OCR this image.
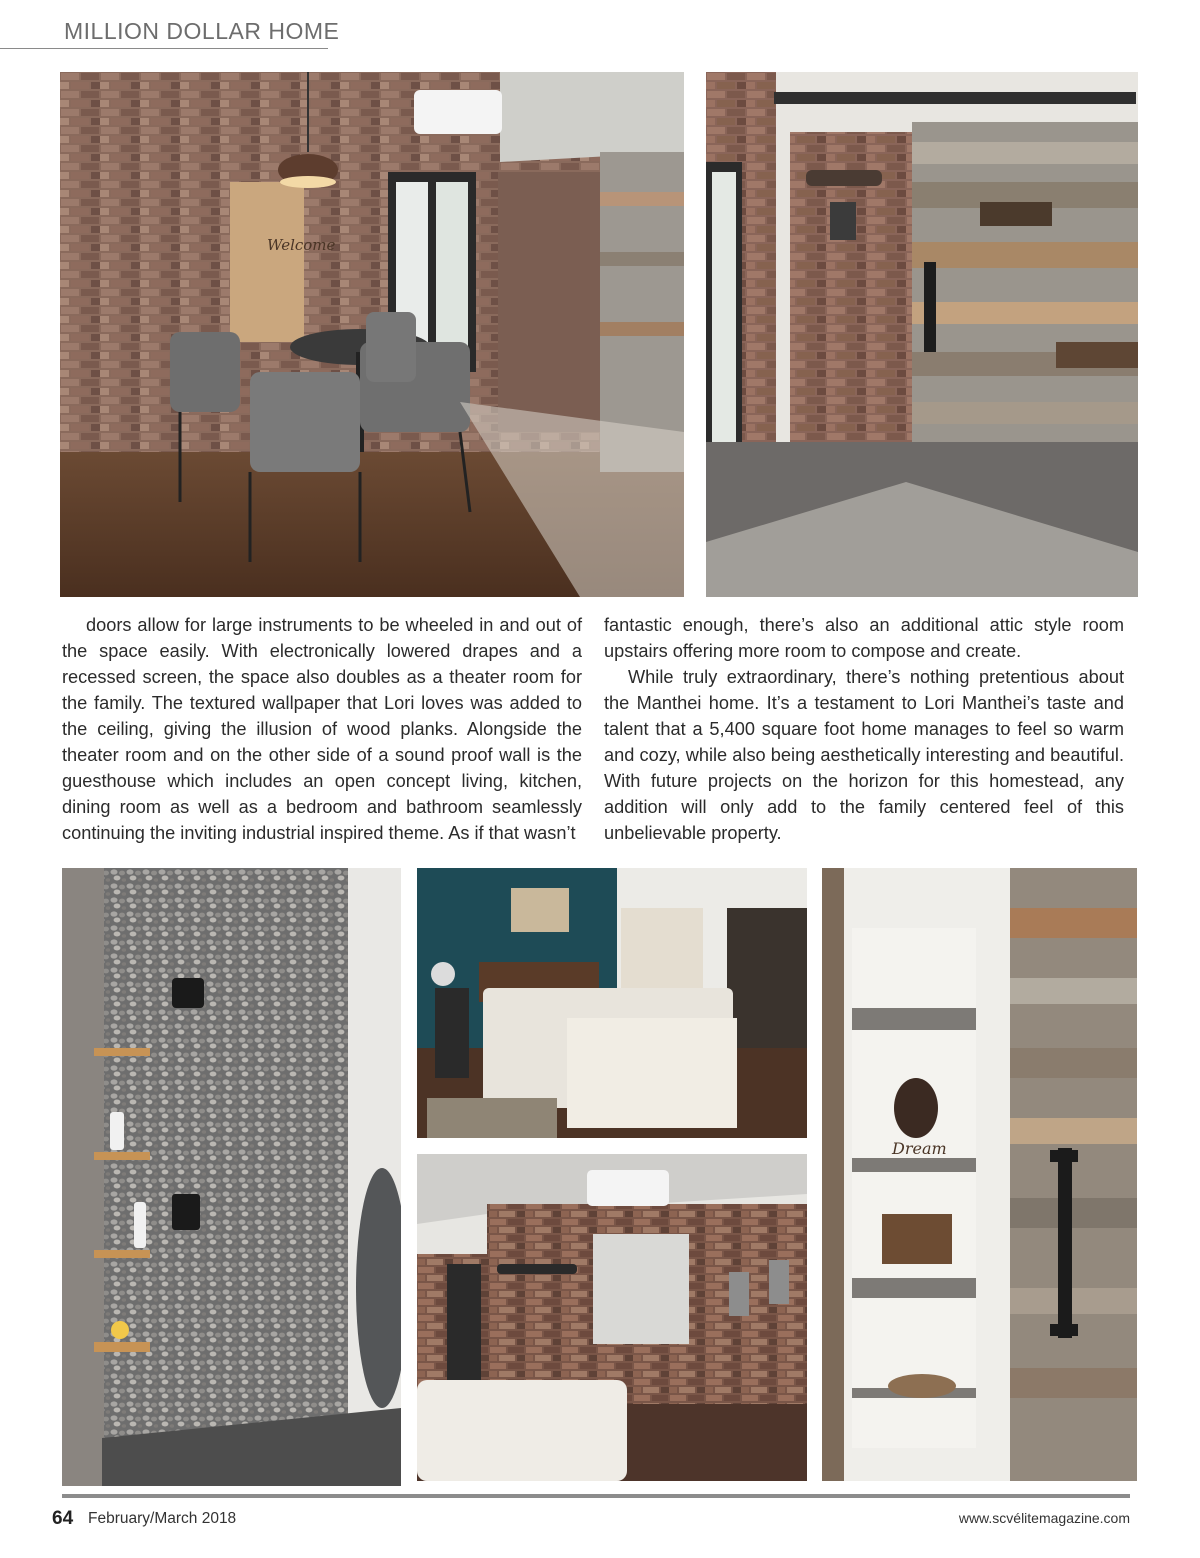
MILLION DOLLAR HOME
Welcome

doors allow for large instruments to be wheeled in and out of the space easily. With electronically lowered drapes and a recessed screen, the space also doubles as a theater room for the family. The textured wallpaper that Lori loves was added to the ceiling, giving the illusion of wood planks. Alongside the theater room and on the other side of a sound proof wall is the guesthouse which includes an open concept living, kitchen, dining room as well as a bedroom and bathroom seamlessly continuing the inviting industrial inspired theme. As if that wasn’t

fantastic enough, there’s also an additional attic style room upstairs offering more room to compose and create.

While truly extraordinary, there’s nothing pretentious about the Manthei home. It’s a testament to Lori Manthei’s taste and talent that a 5,400 square foot home manages to feel so warm and cozy, while also being aesthetically interesting and beautiful. With future projects on the horizon for this homestead, any addition will only add to the family centered feel of this unbelievable property.

Dream
64 February/March 2018	www.scvélitemagazine.com
